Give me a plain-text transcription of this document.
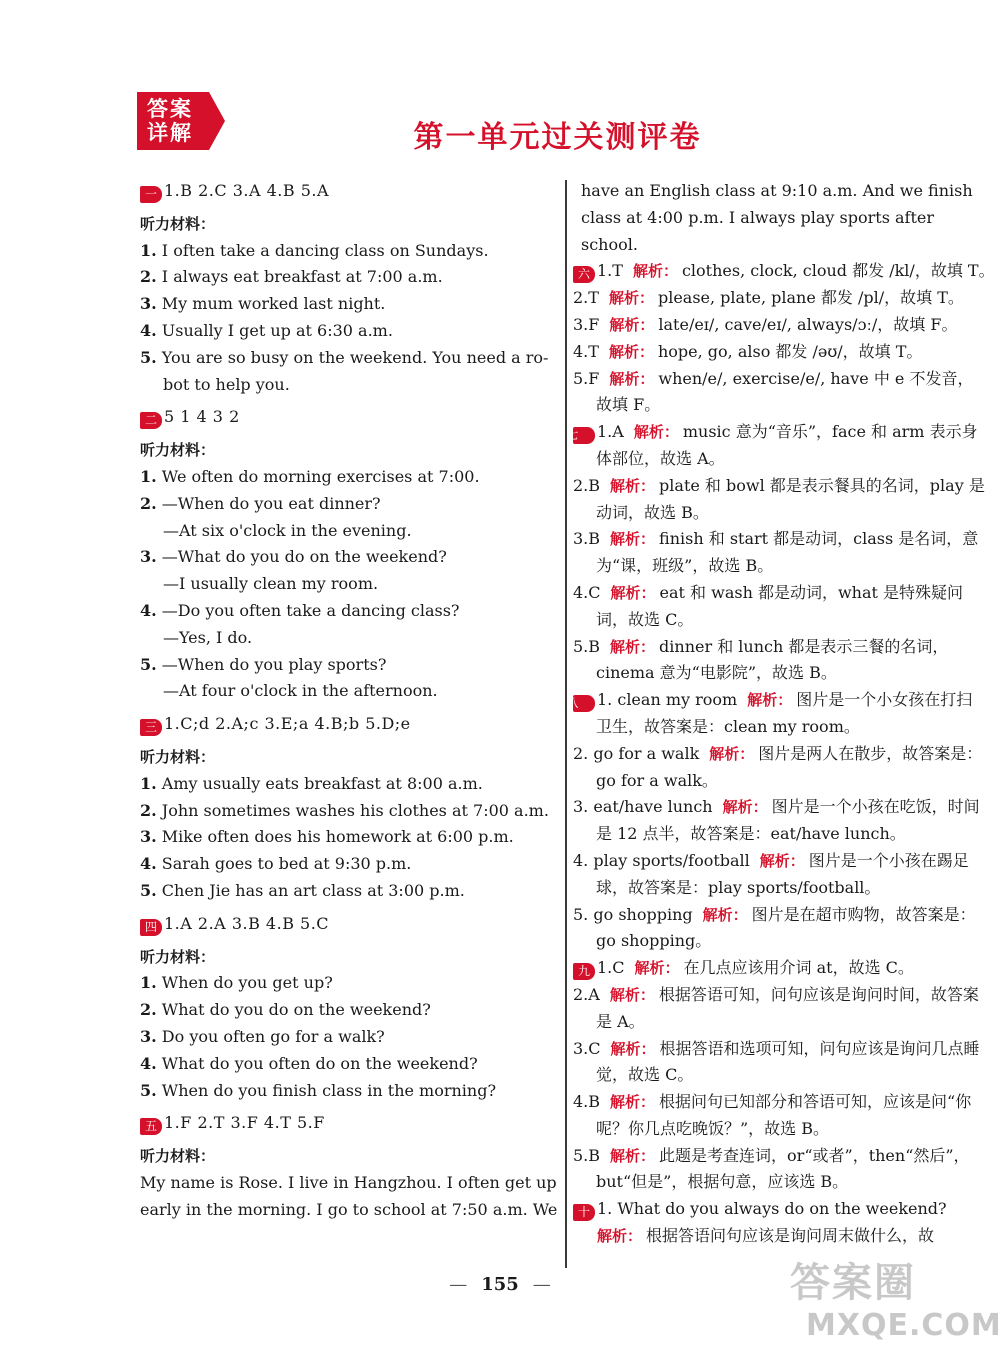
答案
详解	第一单元过关测评卷
一 1.B 2.C 3.A 4.B 5.A
听力材料：
1. I often take a dancing class on Sundays.
2. I always eat breakfast at 7:00 a.m.
3. My mum worked last night.
4. Usually I get up at 6:30 a.m.
5. You are so busy on the weekend. You need a ro-bot to help you.
二 5 1 4 3 2
听力材料：
1. We often do morning exercises at 7:00.
2. —When do you eat dinner?
—At six o'clock in the evening.
3. —What do you do on the weekend?
—I usually clean my room.
4. —Do you often take a dancing class?
—Yes, I do.
5. —When do you play sports?
—At four o'clock in the afternoon.
三 1.C;d 2.A;c 3.E;a 4.B;b 5.D;e
听力材料：
1. Amy usually eats breakfast at 8:00 a.m.
2. John sometimes washes his clothes at 7:00 a.m.
3. Mike often does his homework at 6:00 p.m.
4. Sarah goes to bed at 9:30 p.m.
5. Chen Jie has an art class at 3:00 p.m.
四 1.A 2.A 3.B 4.B 5.C
听力材料：
1. When do you get up?
2. What do you do on the weekend?
3. Do you often go for a walk?
4. What do you often do on the weekend?
5. When do you finish class in the morning?
五 1.F 2.T 3.F 4.T 5.F
听力材料：
My name is Rose. I live in Hangzhou. I often get up
early in the morning. I go to school at 7:50 a.m. We
have an English class at 9:10 a.m. And we finish
class at 4:00 p.m. I always play sports after
school.
六 1.T 解析： clothes, clock, cloud 都发 /kl/，故填 T。
2.T 解析： please, plate, plane 都发 /pl/，故填 T。
3.F 解析： late/eɪ/, cave/eɪ/, always/ɔː/，故填 F。
4.T 解析： hope, go, also 都发 /əʊ/，故填 T。
5.F 解析： when/e/, exercise/e/, have 中 e 不发音，故填 F。
七 1.A 解析： music 意为“音乐”，face 和 arm 表示身体部位，故选 A。
2.B 解析： plate 和 bowl 都是表示餐具的名词，play 是动词，故选 B。
3.B 解析： finish 和 start 都是动词，class 是名词，意为“课，班级”，故选 B。
4.C 解析： eat 和 wash 都是动词，what 是特殊疑问词，故选 C。
5.B 解析： dinner 和 lunch 都是表示三餐的名词，cinema 意为“电影院”，故选 B。
八 1. clean my room 解析： 图片是一个小女孩在打扫卫生，故答案是：clean my room。
2. go for a walk 解析： 图片是两人在散步，故答案是：go for a walk。
3. eat/have lunch 解析： 图片是一个小孩在吃饭，时间是 12 点半，故答案是：eat/have lunch。
4. play sports/football 解析： 图片是一个小孩在踢足球，故答案是：play sports/football。
5. go shopping 解析： 图片是在超市购物，故答案是：go shopping。
九 1.C 解析： 在几点应该用介词 at，故选 C。
2.A 解析： 根据答语可知，问句应该是询问时间，故答案是 A。
3.C 解析： 根据答语和选项可知，问句应该是询问几点睡觉，故选 C。
4.B 解析： 根据问句已知部分和答语可知，应该是问“你呢？你几点吃晚饭？”，故选 B。
5.B 解析： 此题是考查连词，or“或者”，then“然后”，but“但是”，根据句意，应该选 B。
十 1. What do you always do on the weekend?
解析： 根据答语问句应该是询问周末做什么，故
— 155 —	答案圈
MXQE.COM
